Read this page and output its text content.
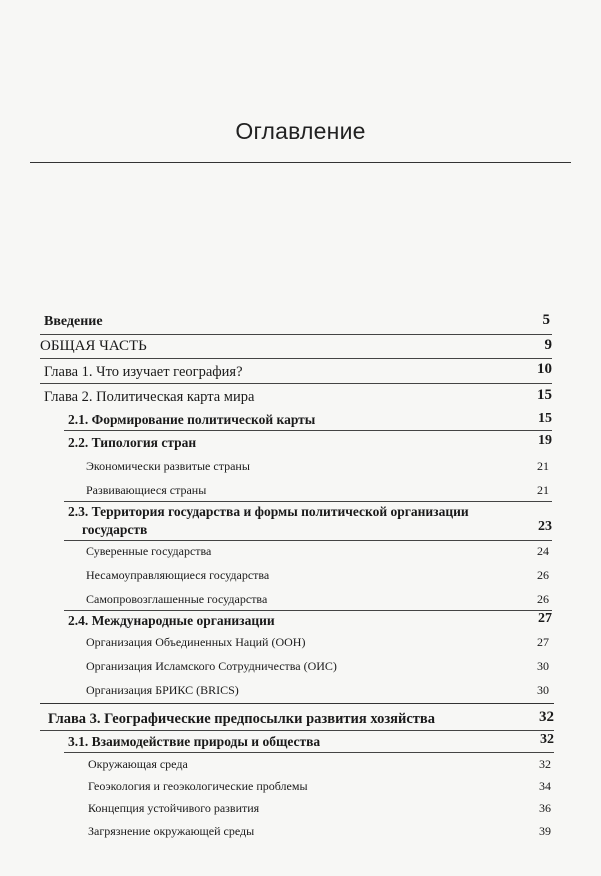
Оглавление
Введение	5
ОБЩАЯ ЧАСТЬ	9
Глава 1. Что изучает география?	10
Глава 2. Политическая карта мира	15
2.1. Формирование политической карты	15
2.2. Типология стран	19
Экономически развитые страны	21
Развивающиеся страны	21
2.3. Территория государства и формы политической организации
государств	23
Суверенные государства	24
Несамоуправляющиеся государства	26
Самопровозглашенные государства	26
2.4. Международные организации	27
Организация Объединенных Наций (ООН)	27
Организация Исламского Сотрудничества (ОИС)	30
Организация БРИКС (BRICS)	30
Глава 3. Географические предпосылки развития хозяйства	32
3.1. Взаимодействие природы и общества	32
Окружающая среда	32
Геоэкология и геоэкологические проблемы	34
Концепция устойчивого развития	36
Загрязнение окружающей среды	39
